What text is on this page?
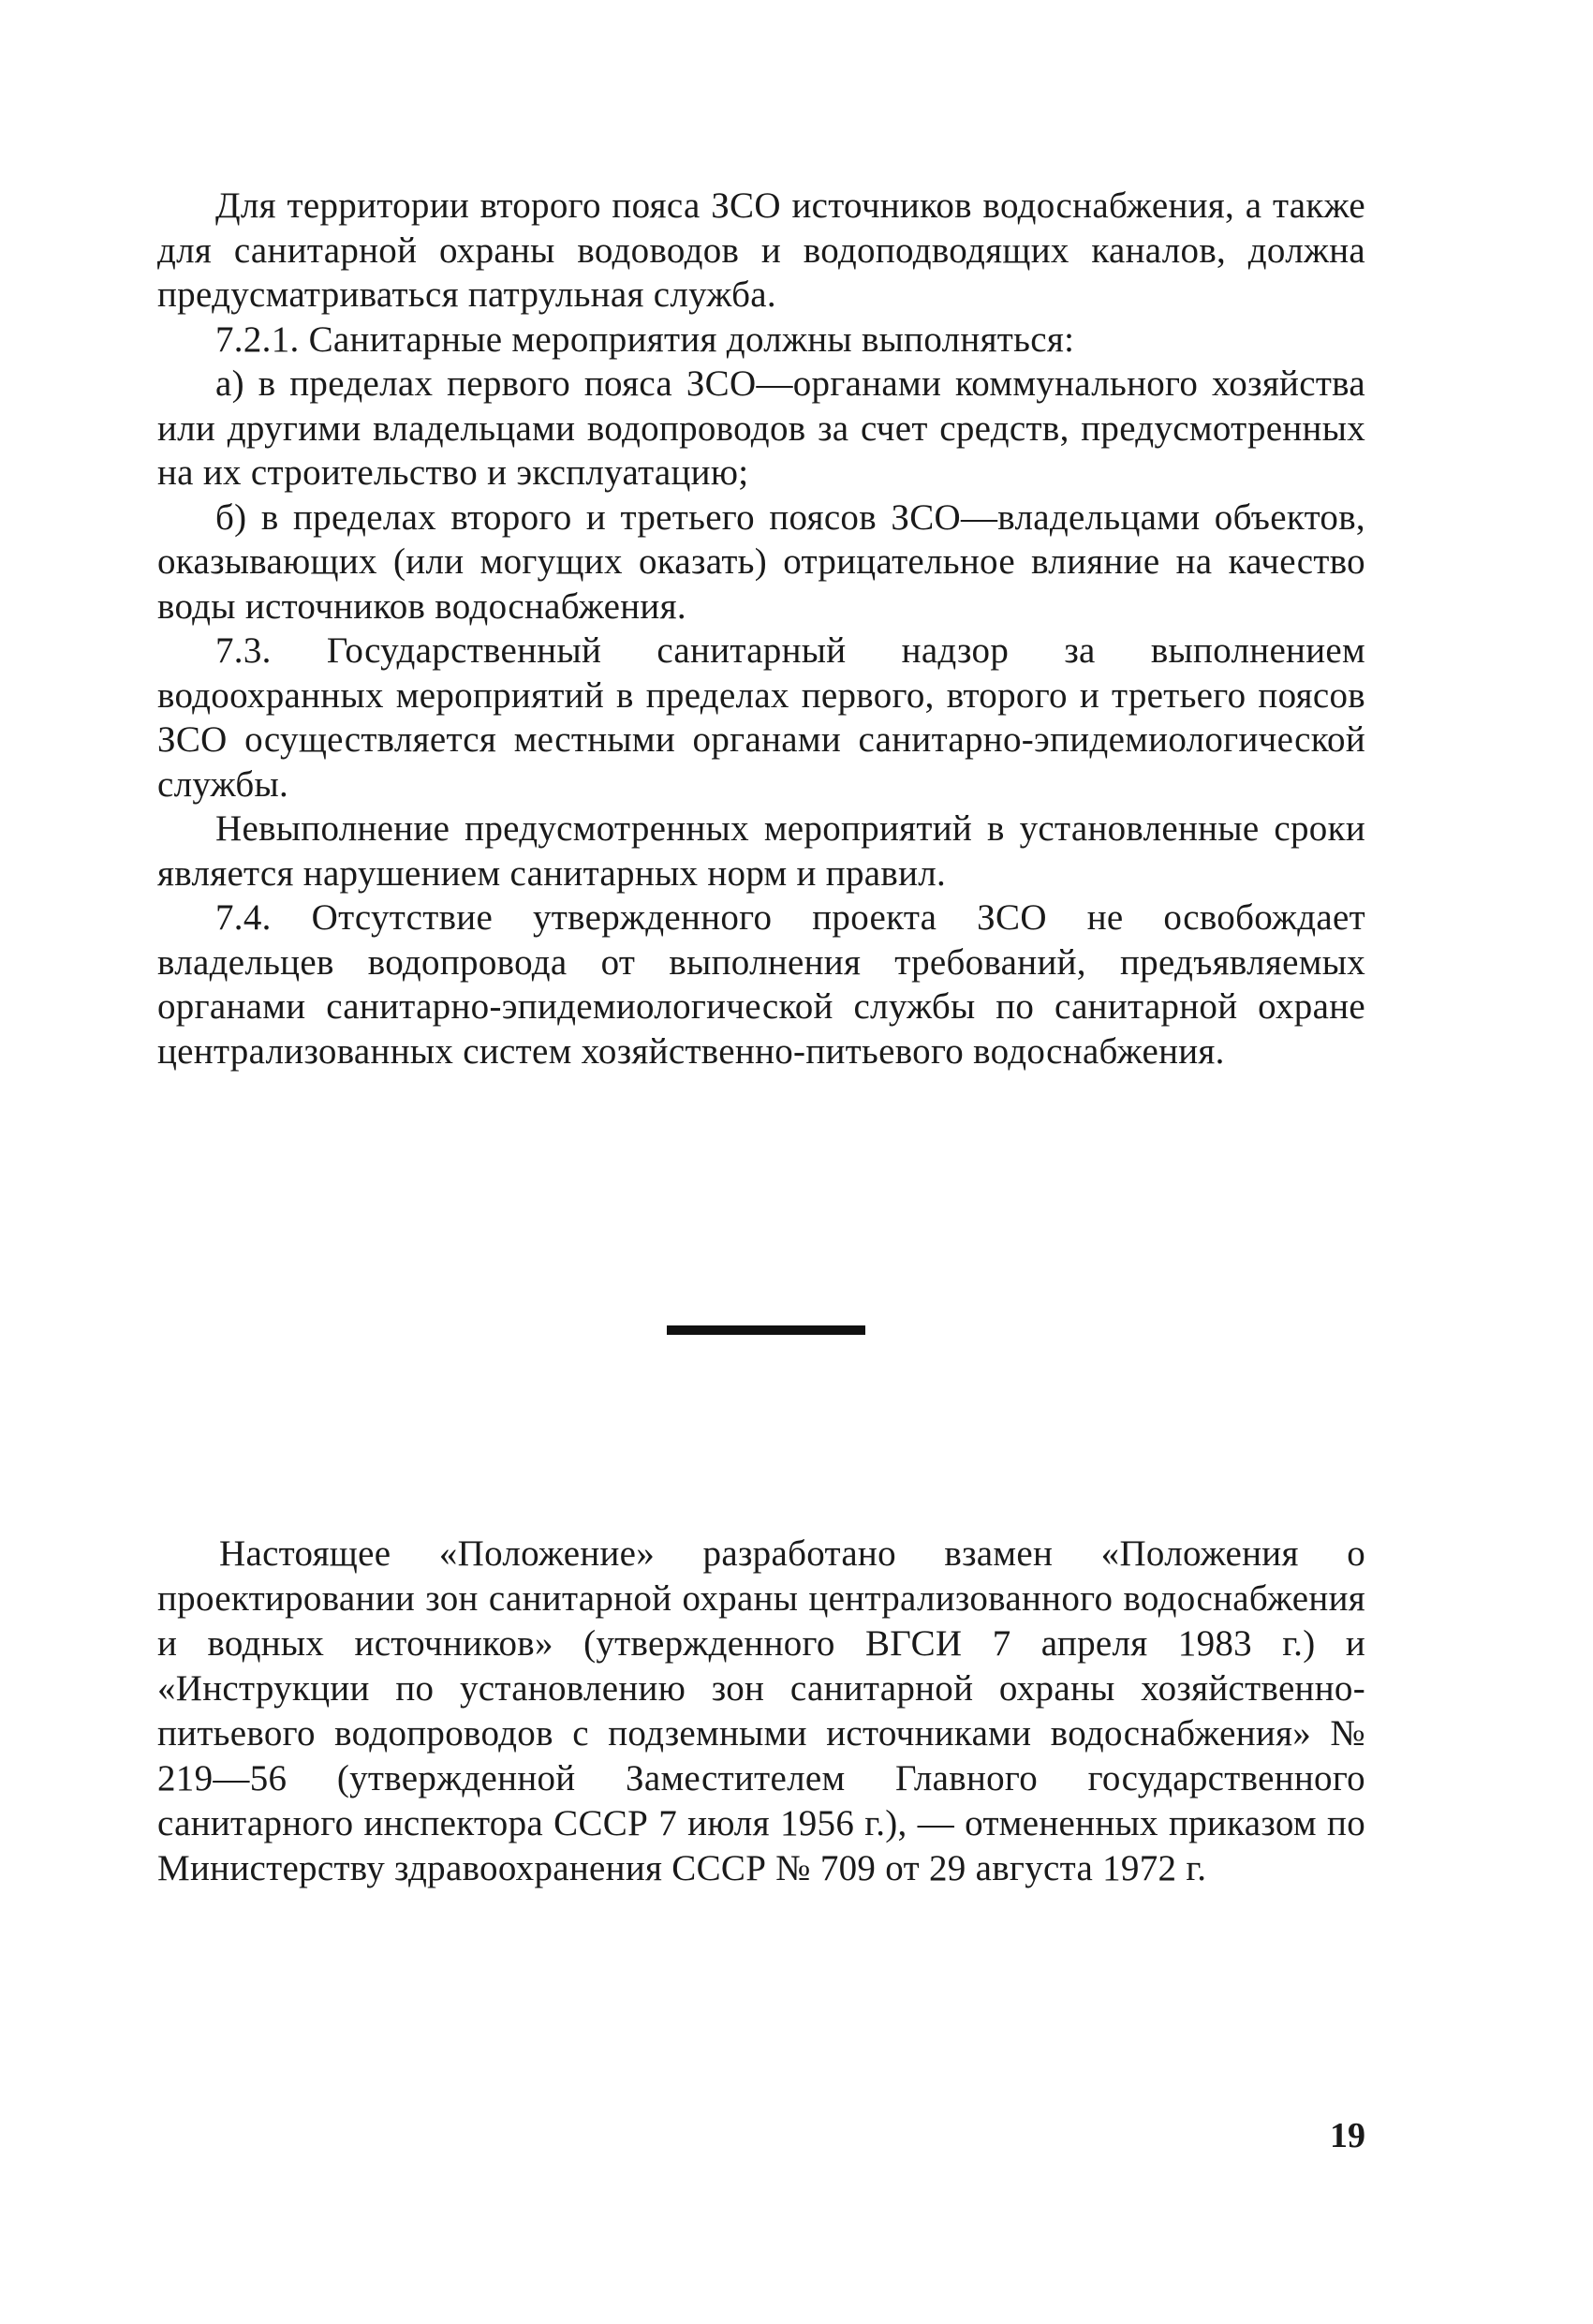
Для территории второго пояса ЗСО источников водоснабжения, а также для санитарной охраны водоводов и водоподводящих каналов, должна предусматриваться патрульная служба.

7.2.1. Санитарные мероприятия должны выполняться:

а) в пределах первого пояса ЗСО—органами коммунального хозяйства или другими владельцами водопроводов за счет средств, предусмотренных на их строительство и эксплуатацию;

б) в пределах второго и третьего поясов ЗСО—владельцами объектов, оказывающих (или могущих оказать) отрицательное влияние на качество воды источников водоснабжения.

7.3. Государственный санитарный надзор за выполнением водоохранных мероприятий в пределах первого, второго и третьего поясов ЗСО осуществляется местными органами санитарно-эпидемиологической службы.

Невыполнение предусмотренных мероприятий в установленные сроки является нарушением санитарных норм и правил.

7.4. Отсутствие утвержденного проекта ЗСО не освобождает владельцев водопровода от выполнения требований, предъявляемых органами санитарно-эпидемиологической службы по санитарной охране централизованных систем хозяйственно-питьевого водоснабжения.

Настоящее «Положение» разработано взамен «Положения о проектировании зон санитарной охраны централизованного водоснабжения и водных источников» (утвержденного ВГСИ 7 апреля 1983 г.) и «Инструкции по установлению зон санитарной охраны хозяйственно-питьевого водопроводов с подземными источниками водоснабжения» № 219—56 (утвержденной Заместителем Главного государственного санитарного инспектора СССР 7 июля 1956 г.), — отмененных приказом по Министерству здравоохранения СССР № 709 от 29 августа 1972 г.

19
